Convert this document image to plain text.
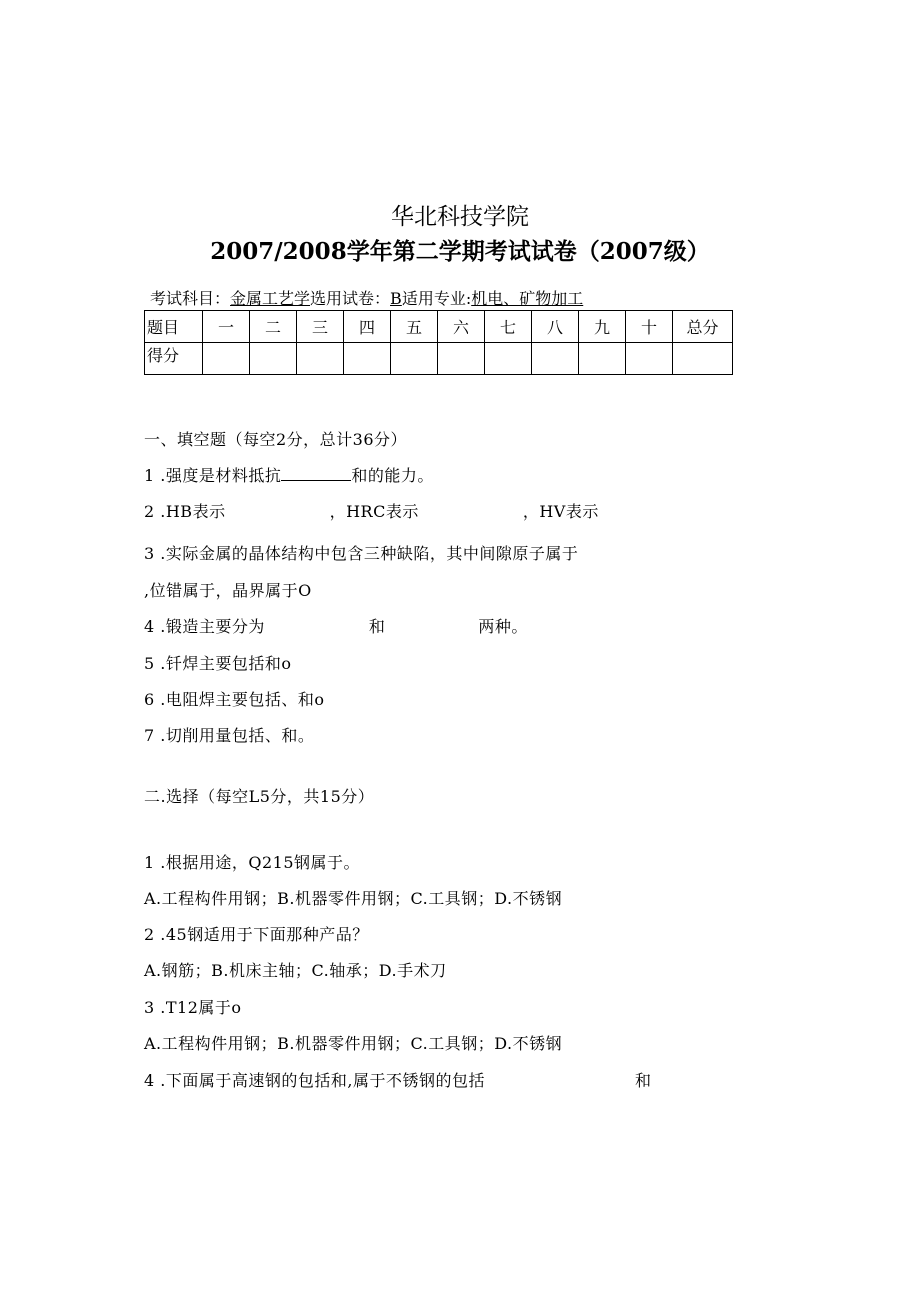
华北科技学院
2007/2008学年第二学期考试试卷（2007级）
考试科目：金属工艺学选用试卷：B适用专业:机电、矿物加工
题目	一	二	三	四	五	六	七	八	九	十	总分
得分											
一、填空题（每空2分，总计36分）
1 .强度是材料抵抗	和的能力。
2 .HB表示	，HRC表示	，HV表示
3 .实际金属的晶体结构中包含三种缺陷，其中间隙原子属于
,位错属于，晶界属于O
4 .锻造主要分为	和	两种。
5 .钎焊主要包括和o
6 .电阻焊主要包括、和o
7 .切削用量包括、和。
二.选择（每空L5分，共15分）
1 .根据用途，Q215钢属于。
A.工程构件用钢；B.机器零件用钢；C.工具钢；D.不锈钢
2 .45钢适用于下面那种产品？
A.钢筋；B.机床主轴；C.轴承；D.手术刀
3 .T12属于o
A.工程构件用钢；B.机器零件用钢；C.工具钢；D.不锈钢
4 .下面属于高速钢的包括和,属于不锈钢的包括	和
